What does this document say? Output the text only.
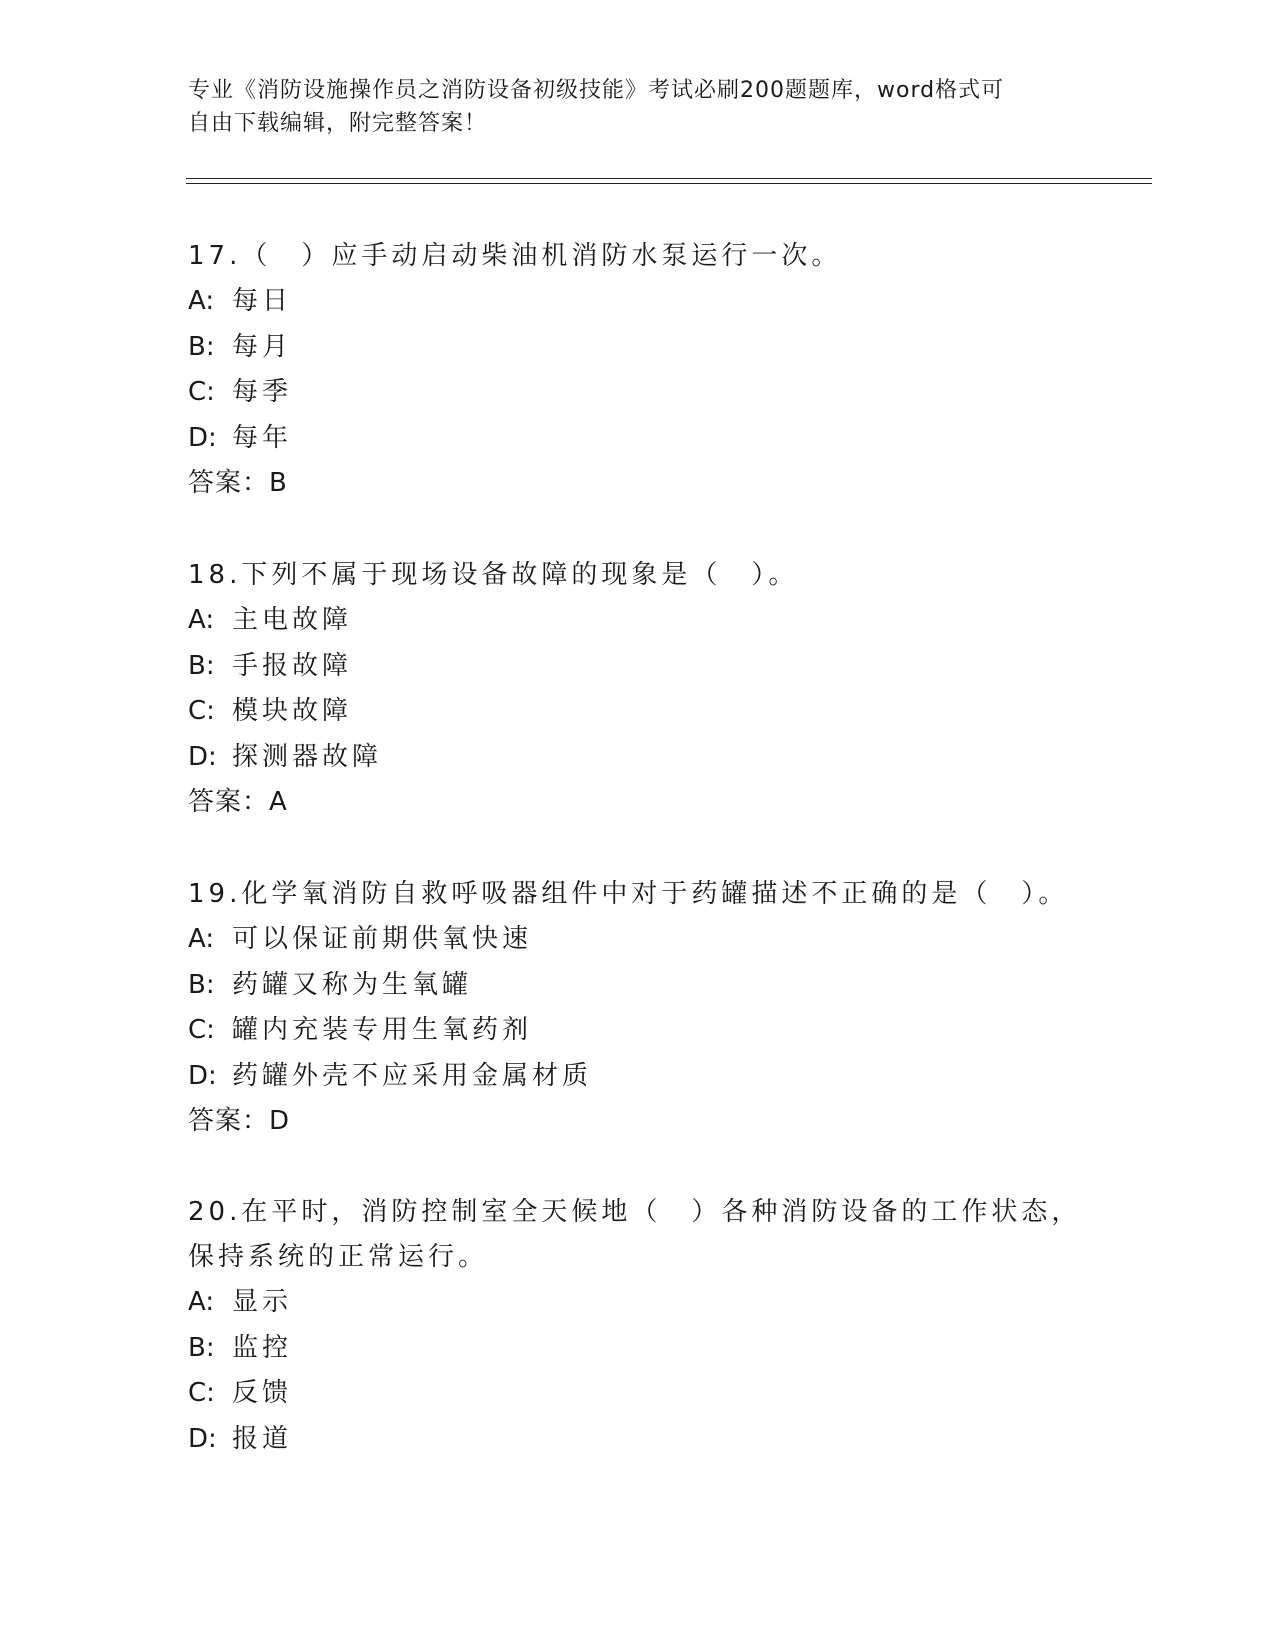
专业《消防设施操作员之消防设备初级技能》考试必刷200题题库，word格式可
自由下载编辑，附完整答案！

17.（　）应手动启动柴油机消防水泵运行一次。

A: 每日

B: 每月

C: 每季

D: 每年

答案：B

18.下列不属于现场设备故障的现象是（　）。

A: 主电故障

B: 手报故障

C: 模块故障

D: 探测器故障

答案：A

19.化学氧消防自救呼吸器组件中对于药罐描述不正确的是（　）。

A: 可以保证前期供氧快速

B: 药罐又称为生氧罐

C: 罐内充装专用生氧药剂

D: 药罐外壳不应采用金属材质

答案：D

20.在平时，消防控制室全天候地（　）各种消防设备的工作状态，保持系统的正常运行。

A: 显示

B: 监控

C: 反馈

D: 报道
